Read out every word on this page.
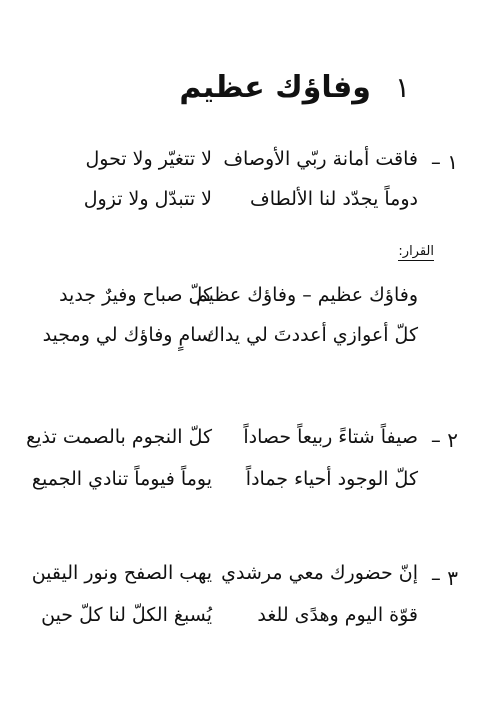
١
وفاؤك عظيم
١ –
فاقت أمانة ربّي الأوصاف
لا تتغيّر ولا تحول
دوماً يجدّد لنا الألطاف
لا تتبدّل ولا تزول
القرار:
وفاؤك عظيم – وفاؤك عظيم
كلّ صباح وفيرٌ جديد
كلّ أعوازي أعددتَ لي يداك
سامٍ وفاؤك لي ومجيد
٢ –
صيفاً شتاءً ربيعاً حصاداً
كلّ النجوم بالصمت تذيع
كلّ الوجود أحياء جماداً
يوماً فيوماً تنادي الجميع
٣ –
إنّ حضورك معي مرشدي
يهب الصفح ونور اليقين
قوّة اليوم وهدًى للغد
يُسبغ الكلّ لنا كلّ حين
